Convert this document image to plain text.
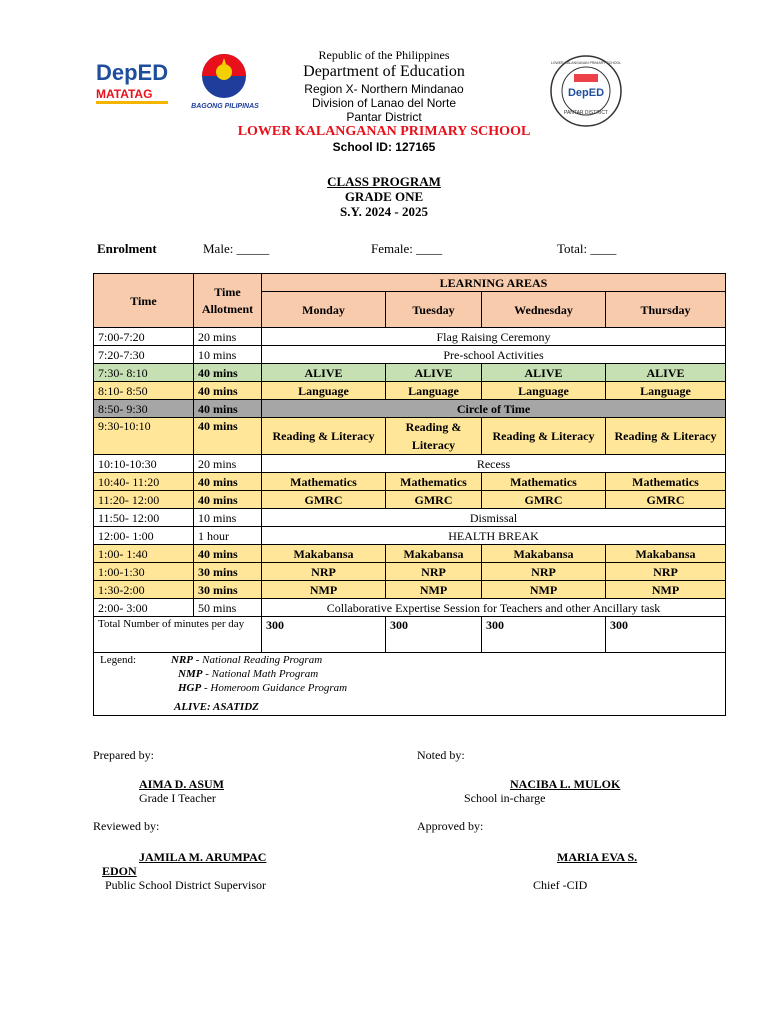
DepED
MATATAG
BAGONG PILIPINAS
DepED
PANTAR DISTRICT
LOWER KALANGANAN PRIMARY SCHOOL
Republic of the Philippines
Department of Education
Region X- Northern Mindanao
Division of Lanao del Norte
Pantar District
LOWER KALANGANAN PRIMARY SCHOOL
School ID: 127165
CLASS PROGRAM
GRADE ONE
S.Y. 2024 - 2025
Enrolment	Male: _____	Female: ____	Total: ____
Time	Time Allotment	LEARNING AREAS			
		Monday	Tuesday	Wednesday	Thursday
7:00-7:20	20 mins	Flag Raising Ceremony			
7:20-7:30	10 mins	Pre-school Activities			
7:30- 8:10	40 mins	ALIVE	ALIVE	ALIVE	ALIVE
8:10- 8:50	40 mins	Language	Language	Language	Language
8:50- 9:30	40 mins	Circle of Time			
9:30-10:10	40 mins	Reading & Literacy	Reading & Literacy	Reading & Literacy	Reading & Literacy
10:10-10:30	20 mins	Recess			
10:40- 11:20	40 mins	Mathematics	Mathematics	Mathematics	Mathematics
11:20- 12:00	40 mins	GMRC	GMRC	GMRC	GMRC
11:50- 12:00	10 mins	Dismissal			
12:00- 1:00	1 hour	HEALTH BREAK			
1:00- 1:40	40 mins	Makabansa	Makabansa	Makabansa	Makabansa
1:00-1:30	30 mins	NRP	NRP	NRP	NRP
1:30-2:00	30 mins	NMP	NMP	NMP	NMP
2:00- 3:00	50 mins	Collaborative Expertise Session for Teachers and other Ancillary task			
Total Number of minutes per day		300	300	300	300

Legend: NRP - National Reading Program
NMP - National Math Program
HGP - Homeroom Guidance Program
ALIVE: ASATIDZ					
Prepared by:
AIMA D. ASUM
Grade I Teacher
Noted by:
NACIBA L. MULOK
School in-charge
Reviewed by:
JAMILA M. ARUMPAC
EDON
Public School District Supervisor
Approved by:
MARIA EVA S.
Chief -CID
